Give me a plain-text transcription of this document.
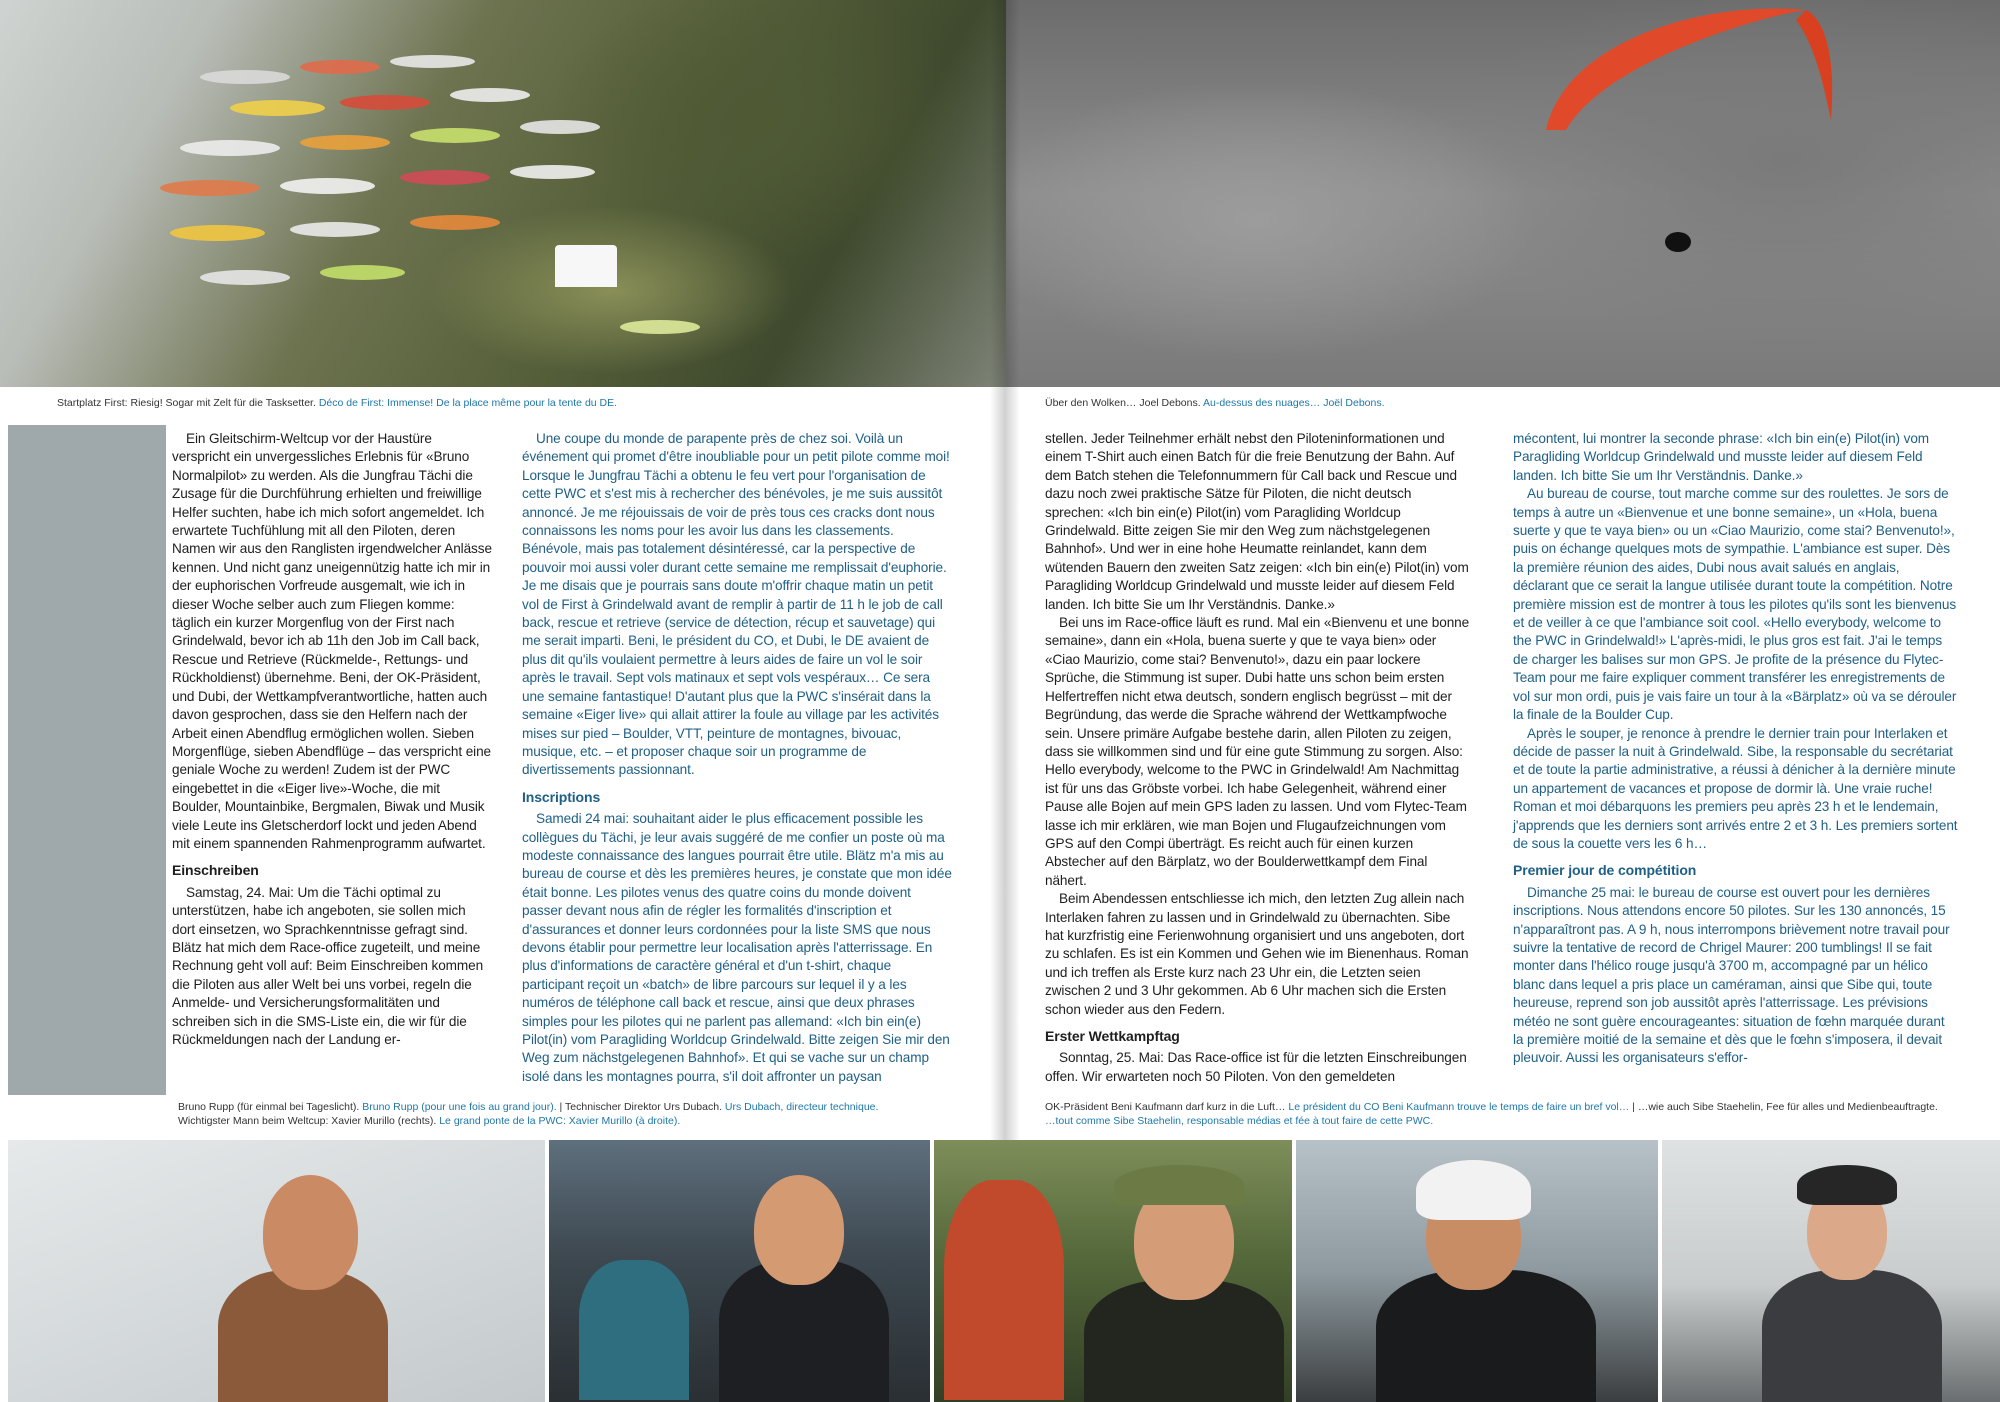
Startplatz First: Riesig! Sogar mit Zelt für die Tasksetter. Déco de First: Immense! De la place même pour la tente du DE.	Über den Wolken… Joel Debons. Au-dessus des nuages… Joël Debons.

Ein Gleitschirm-Weltcup vor der Haustüre verspricht ein unvergessliches Erlebnis für «Bruno Normalpilot» zu werden. Als die Jungfrau Tächi die Zusage für die Durchführung erhielten und freiwillige Helfer suchten, habe ich mich sofort angemeldet. Ich erwartete Tuchfühlung mit all den Piloten, deren Namen wir aus den Ranglisten irgendwelcher Anlässe kennen. Und nicht ganz uneigennützig hatte ich mir in der euphorischen Vorfreude ausgemalt, wie ich in dieser Woche selber auch zum Fliegen komme: täglich ein kurzer Morgenflug von der First nach Grindelwald, bevor ich ab 11h den Job im Call back, Rescue und Retrieve (Rückmelde-, Rettungs- und Rückholdienst) übernehme. Beni, der OK-Präsident, und Dubi, der Wettkampfverantwortliche, hatten auch davon gesprochen, dass sie den Helfern nach der Arbeit einen Abendflug ermöglichen wollen. Sieben Morgenflüge, sieben Abendflüge – das verspricht eine geniale Woche zu werden! Zudem ist der PWC eingebettet in die «Eiger live»-Woche, die mit Boulder, Mountainbike, Bergmalen, Biwak und Musik viele Leute ins Gletscherdorf lockt und jeden Abend mit einem spannenden Rahmenprogramm aufwartet.

Einschreiben

Samstag, 24. Mai: Um die Tächi optimal zu unterstützen, habe ich angeboten, sie sollen mich dort einsetzen, wo Sprachkenntnisse gefragt sind. Blätz hat mich dem Race-office zugeteilt, und meine Rechnung geht voll auf: Beim Einschreiben kommen die Piloten aus aller Welt bei uns vorbei, regeln die Anmelde- und Versicherungsformalitäten und schreiben sich in die SMS-Liste ein, die wir für die Rückmeldungen nach der Landung er-

Une coupe du monde de parapente près de chez soi. Voilà un événement qui promet d'être inoubliable pour un petit pilote comme moi! Lorsque le Jungfrau Tächi a obtenu le feu vert pour l'organisation de cette PWC et s'est mis à rechercher des bénévoles, je me suis aussitôt annoncé. Je me réjouissais de voir de près tous ces cracks dont nous connaissons les noms pour les avoir lus dans les classements. Bénévole, mais pas totalement désintéressé, car la perspective de pouvoir moi aussi voler durant cette semaine me remplissait d'euphorie. Je me disais que je pourrais sans doute m'offrir chaque matin un petit vol de First à Grindelwald avant de remplir à partir de 11 h le job de call back, rescue et retrieve (service de détection, récup et sauvetage) qui me serait imparti. Beni, le président du CO, et Dubi, le DE avaient de plus dit qu'ils voulaient permettre à leurs aides de faire un vol le soir après le travail. Sept vols matinaux et sept vols vespéraux… Ce sera une semaine fantastique! D'autant plus que la PWC s'insérait dans la semaine «Eiger live» qui allait attirer la foule au village par les activités mises sur pied – Boulder, VTT, peinture de montagnes, bivouac, musique, etc. – et proposer chaque soir un programme de divertissements passionnant.

Inscriptions

Samedi 24 mai: souhaitant aider le plus efficacement possible les collègues du Tächi, je leur avais suggéré de me confier un poste où ma modeste connaissance des langues pourrait être utile. Blätz m'a mis au bureau de course et dès les premières heures, je constate que mon idée était bonne. Les pilotes venus des quatre coins du monde doivent passer devant nous afin de régler les formalités d'inscription et d'assurances et donner leurs cordonnées pour la liste SMS que nous devons établir pour permettre leur localisation après l'atterrissage. En plus d'informations de caractère général et d'un t-shirt, chaque participant reçoit un «batch» de libre parcours sur lequel il y a les numéros de téléphone call back et rescue, ainsi que deux phrases simples pour les pilotes qui ne parlent pas allemand: «Ich bin ein(e) Pilot(in) vom Paragliding Worldcup Grindelwald. Bitte zeigen Sie mir den Weg zum nächstgelegenen Bahnhof». Et qui se vache sur un champ isolé dans les montagnes pourra, s'il doit affronter un paysan

stellen. Jeder Teilnehmer erhält nebst den Piloteninformationen und einem T-Shirt auch einen Batch für die freie Benutzung der Bahn. Auf dem Batch stehen die Telefonnummern für Call back und Rescue und dazu noch zwei praktische Sätze für Piloten, die nicht deutsch sprechen: «Ich bin ein(e) Pilot(in) vom Paragliding Worldcup Grindelwald. Bitte zeigen Sie mir den Weg zum nächstgelegenen Bahnhof». Und wer in eine hohe Heumatte reinlandet, kann dem wütenden Bauern den zweiten Satz zeigen: «Ich bin ein(e) Pilot(in) vom Paragliding Worldcup Grindelwald und musste leider auf diesem Feld landen. Ich bitte Sie um Ihr Verständnis. Danke.»

Bei uns im Race-office läuft es rund. Mal ein «Bienvenu et une bonne semaine», dann ein «Hola, buena suerte y que te vaya bien» oder «Ciao Maurizio, come stai? Benvenuto!», dazu ein paar lockere Sprüche, die Stimmung ist super. Dubi hatte uns schon beim ersten Helfertreffen nicht etwa deutsch, sondern englisch begrüsst – mit der Begründung, das werde die Sprache während der Wettkampfwoche sein. Unsere primäre Aufgabe bestehe darin, allen Piloten zu zeigen, dass sie willkommen sind und für eine gute Stimmung zu sorgen. Also: Hello everybody, welcome to the PWC in Grindelwald! Am Nachmittag ist für uns das Gröbste vorbei. Ich habe Gelegenheit, während einer Pause alle Bojen auf mein GPS laden zu lassen. Und vom Flytec-Team lasse ich mir erklären, wie man Bojen und Flugaufzeichnungen vom GPS auf den Compi überträgt. Es reicht auch für einen kurzen Abstecher auf den Bärplatz, wo der Boulderwettkampf dem Final nähert.

Beim Abendessen entschliesse ich mich, den letzten Zug allein nach Interlaken fahren zu lassen und in Grindelwald zu übernachten. Sibe hat kurzfristig eine Ferienwohnung organisiert und uns angeboten, dort zu schlafen. Es ist ein Kommen und Gehen wie im Bienenhaus. Roman und ich treffen als Erste kurz nach 23 Uhr ein, die Letzten seien zwischen 2 und 3 Uhr gekommen. Ab 6 Uhr machen sich die Ersten schon wieder aus den Federn.

Erster Wettkampftag

Sonntag, 25. Mai: Das Race-office ist für die letzten Einschreibungen offen. Wir erwarteten noch 50 Piloten. Von den gemeldeten

mécontent, lui montrer la seconde phrase: «Ich bin ein(e) Pilot(in) vom Paragliding Worldcup Grindelwald und musste leider auf diesem Feld landen. Ich bitte Sie um Ihr Verständnis. Danke.»

Au bureau de course, tout marche comme sur des roulettes. Je sors de temps à autre un «Bienvenue et une bonne semaine», un «Hola, buena suerte y que te vaya bien» ou un «Ciao Maurizio, come stai? Benvenuto!», puis on échange quelques mots de sympathie. L'ambiance est super. Dès la première réunion des aides, Dubi nous avait salués en anglais, déclarant que ce serait la langue utilisée durant toute la compétition. Notre première mission est de montrer à tous les pilotes qu'ils sont les bienvenus et de veiller à ce que l'ambiance soit cool. «Hello everybody, welcome to the PWC in Grindelwald!» L'après-midi, le plus gros est fait. J'ai le temps de charger les balises sur mon GPS. Je profite de la présence du Flytec-Team pour me faire expliquer comment transférer les enregistrements de vol sur mon ordi, puis je vais faire un tour à la «Bärplatz» où va se dérouler la finale de la Boulder Cup.

Après le souper, je renonce à prendre le dernier train pour Interlaken et décide de passer la nuit à Grindelwald. Sibe, la responsable du secrétariat et de toute la partie administrative, a réussi à dénicher à la dernière minute un appartement de vacances et propose de dormir là. Une vraie ruche! Roman et moi débarquons les premiers peu après 23 h et le lendemain, j'apprends que les derniers sont arrivés entre 2 et 3 h. Les premiers sortent de sous la couette vers les 6 h…

Premier jour de compétition

Dimanche 25 mai: le bureau de course est ouvert pour les dernières inscriptions. Nous attendons encore 50 pilotes. Sur les 130 annoncés, 15 n'apparaîtront pas. A 9 h, nous interrompons brièvement notre travail pour suivre la tentative de record de Chrigel Maurer: 200 tumblings! Il se fait monter dans l'hélico rouge jusqu'à 3700 m, accompagné par un hélico blanc dans lequel a pris place un caméraman, ainsi que Sibe qui, toute heureuse, reprend son job aussitôt après l'atterrissage. Les prévisions météo ne sont guère encourageantes: situation de fœhn marquée durant la première moitié de la semaine et dès que le fœhn s'imposera, il devait pleuvoir. Aussi les organisateurs s'effor-

Bruno Rupp (für einmal bei Tageslicht). Bruno Rupp (pour une fois au grand jour). | Technischer Direktor Urs Dubach. Urs Dubach, directeur technique.
Wichtigster Mann beim Weltcup: Xavier Murillo (rechts). Le grand ponte de la PWC: Xavier Murillo (à droite).
OK-Präsident Beni Kaufmann darf kurz in die Luft… Le président du CO Beni Kaufmann trouve le temps de faire un bref vol… | …wie auch Sibe Staehelin, Fee für alles und Medienbeauftragte.
…tout comme Sibe Staehelin, responsable médias et fée à tout faire de cette PWC.
